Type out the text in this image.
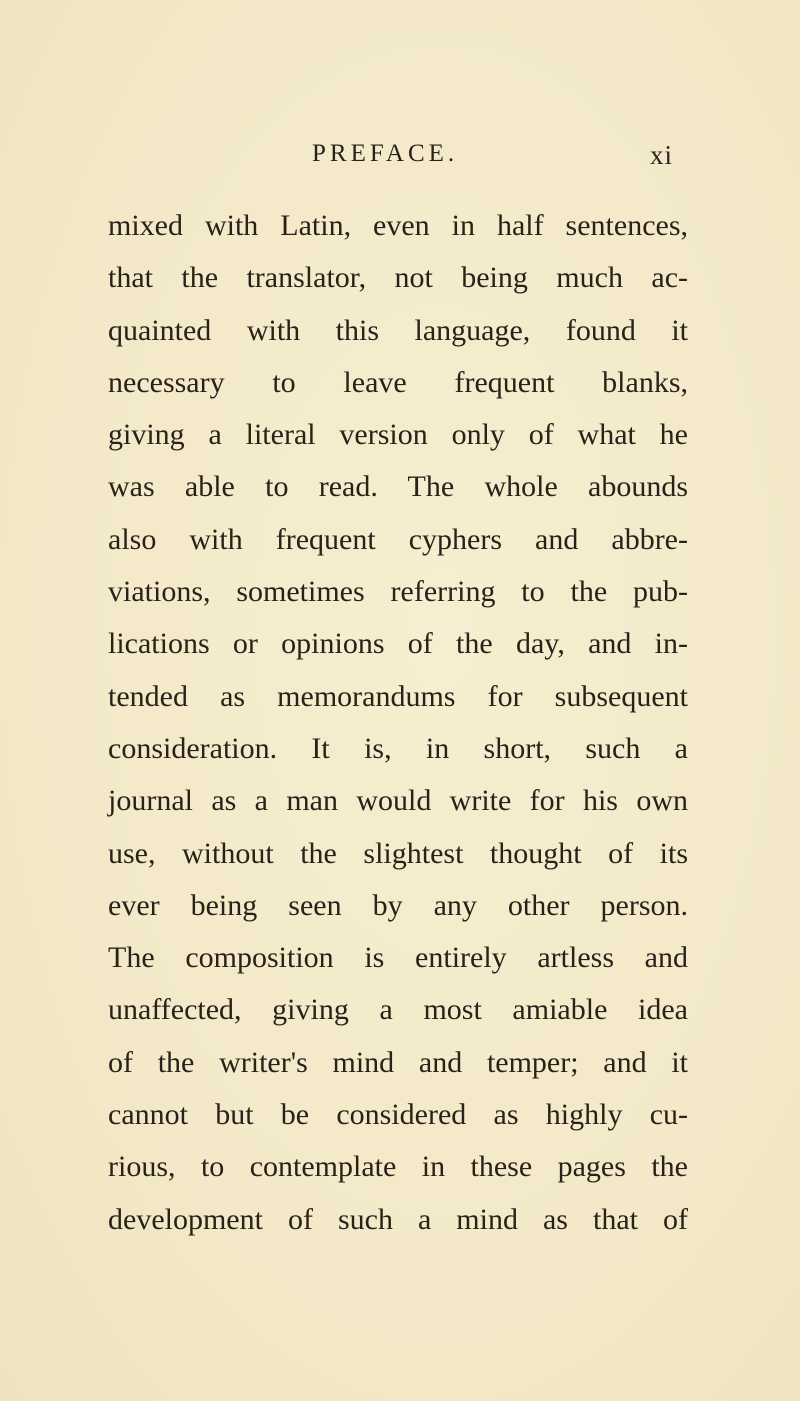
PREFACE.	xi
mixed with Latin, even in half sentences,
that the translator, not being much ac-
quainted with this language, found it
necessary to leave frequent blanks,
giving a literal version only of what he
was able to read. The whole abounds
also with frequent cyphers and abbre-
viations, sometimes referring to the pub-
lications or opinions of the day, and in-
tended as memorandums for subsequent
consideration. It is, in short, such a
journal as a man would write for his own
use, without the slightest thought of its
ever being seen by any other person.
The composition is entirely artless and
unaffected, giving a most amiable idea
of the writer's mind and temper; and it
cannot but be considered as highly cu-
rious, to contemplate in these pages the
development of such a mind as that of
